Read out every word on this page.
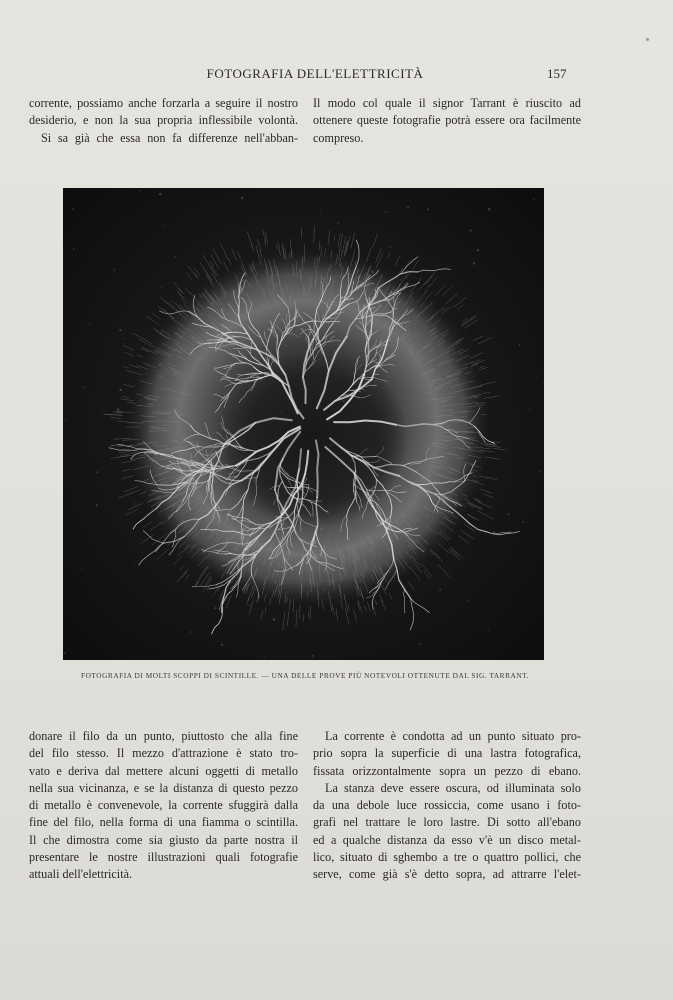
FOTOGRAFIA DELL'ELETTRICITÀ	157

corrente, possiamo anche forzarla a seguire il nostro

desiderio, e non la sua propria inflessibile volontà.

Si sa già che essa non fa differenze nell'abban-

Il modo col quale il signor Tarrant è riuscito ad

ottenere queste fotografie potrà essere ora facilmente

compreso.

FOTOGRAFIA DI MOLTI SCOPPI DI SCINTILLE. — UNA DELLE PROVE PIÙ NOTEVOLI OTTENUTE DAL SIG. TARRANT.

donare il filo da un punto, piuttosto che alla fine

del filo stesso. Il mezzo d'attrazione è stato tro-

vato e deriva dal mettere alcuni oggetti di metallo

nella sua vicinanza, e se la distanza di questo pezzo

di metallo è convenevole, la corrente sfuggirà dalla

fine del filo, nella forma di una fiamma o scintilla.

Il che dimostra come sia giusto da parte nostra il

presentare le nostre illustrazioni quali fotografie

attuali dell'elettricità.

La corrente è condotta ad un punto situato pro-

prio sopra la superficie di una lastra fotografica,

fissata orizzontalmente sopra un pezzo di ebano.

La stanza deve essere oscura, od illuminata solo

da una debole luce rossiccia, come usano i foto-

grafi nel trattare le loro lastre. Di sotto all'ebano

ed a qualche distanza da esso v'è un disco metal-

lico, situato di sghembo a tre o quattro pollici, che

serve, come già s'è detto sopra, ad attrarre l'elet-
